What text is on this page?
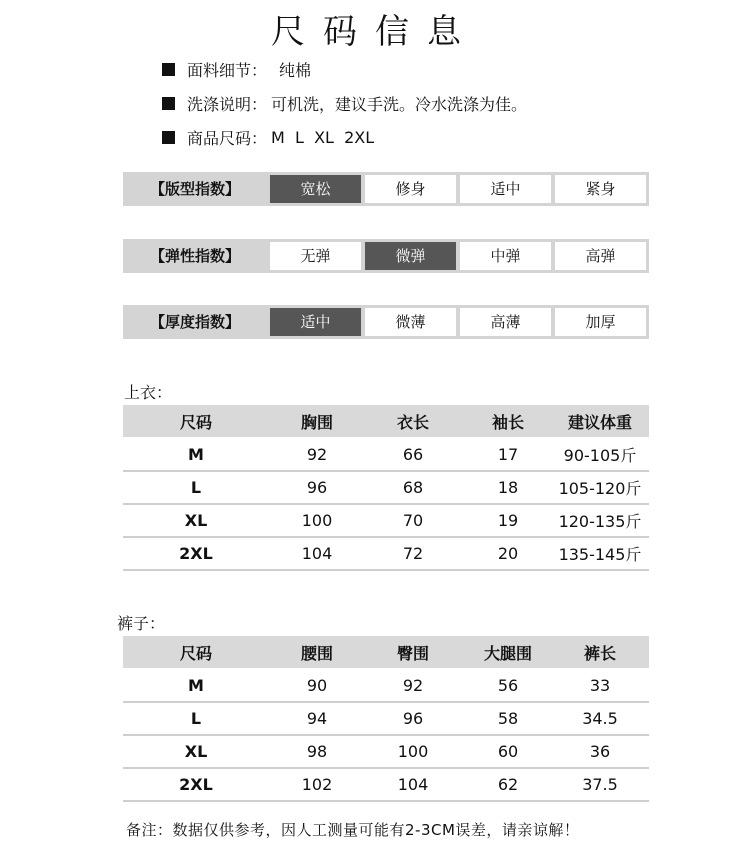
尺码信息
面料细节： 纯棉
洗涤说明： 可机洗，建议手洗。冷水洗涤为佳。
商品尺码： M  L  XL  2XL
【版型指数】	宽松	修身	适中	紧身
【弹性指数】	无弹	微弹	中弹	高弹
【厚度指数】	适中	微薄	高薄	加厚
上衣：
尺码	胸围	衣长	袖长	建议体重
M	92	66	17	90-105斤
L	96	68	18	105-120斤
XL	100	70	19	120-135斤
2XL	104	72	20	135-145斤
裤子：
尺码	腰围	臀围	大腿围	裤长
M	90	92	56	33
L	94	96	58	34.5
XL	98	100	60	36
2XL	102	104	62	37.5
备注：数据仅供参考，因人工测量可能有2-3CM误差，请亲谅解！
